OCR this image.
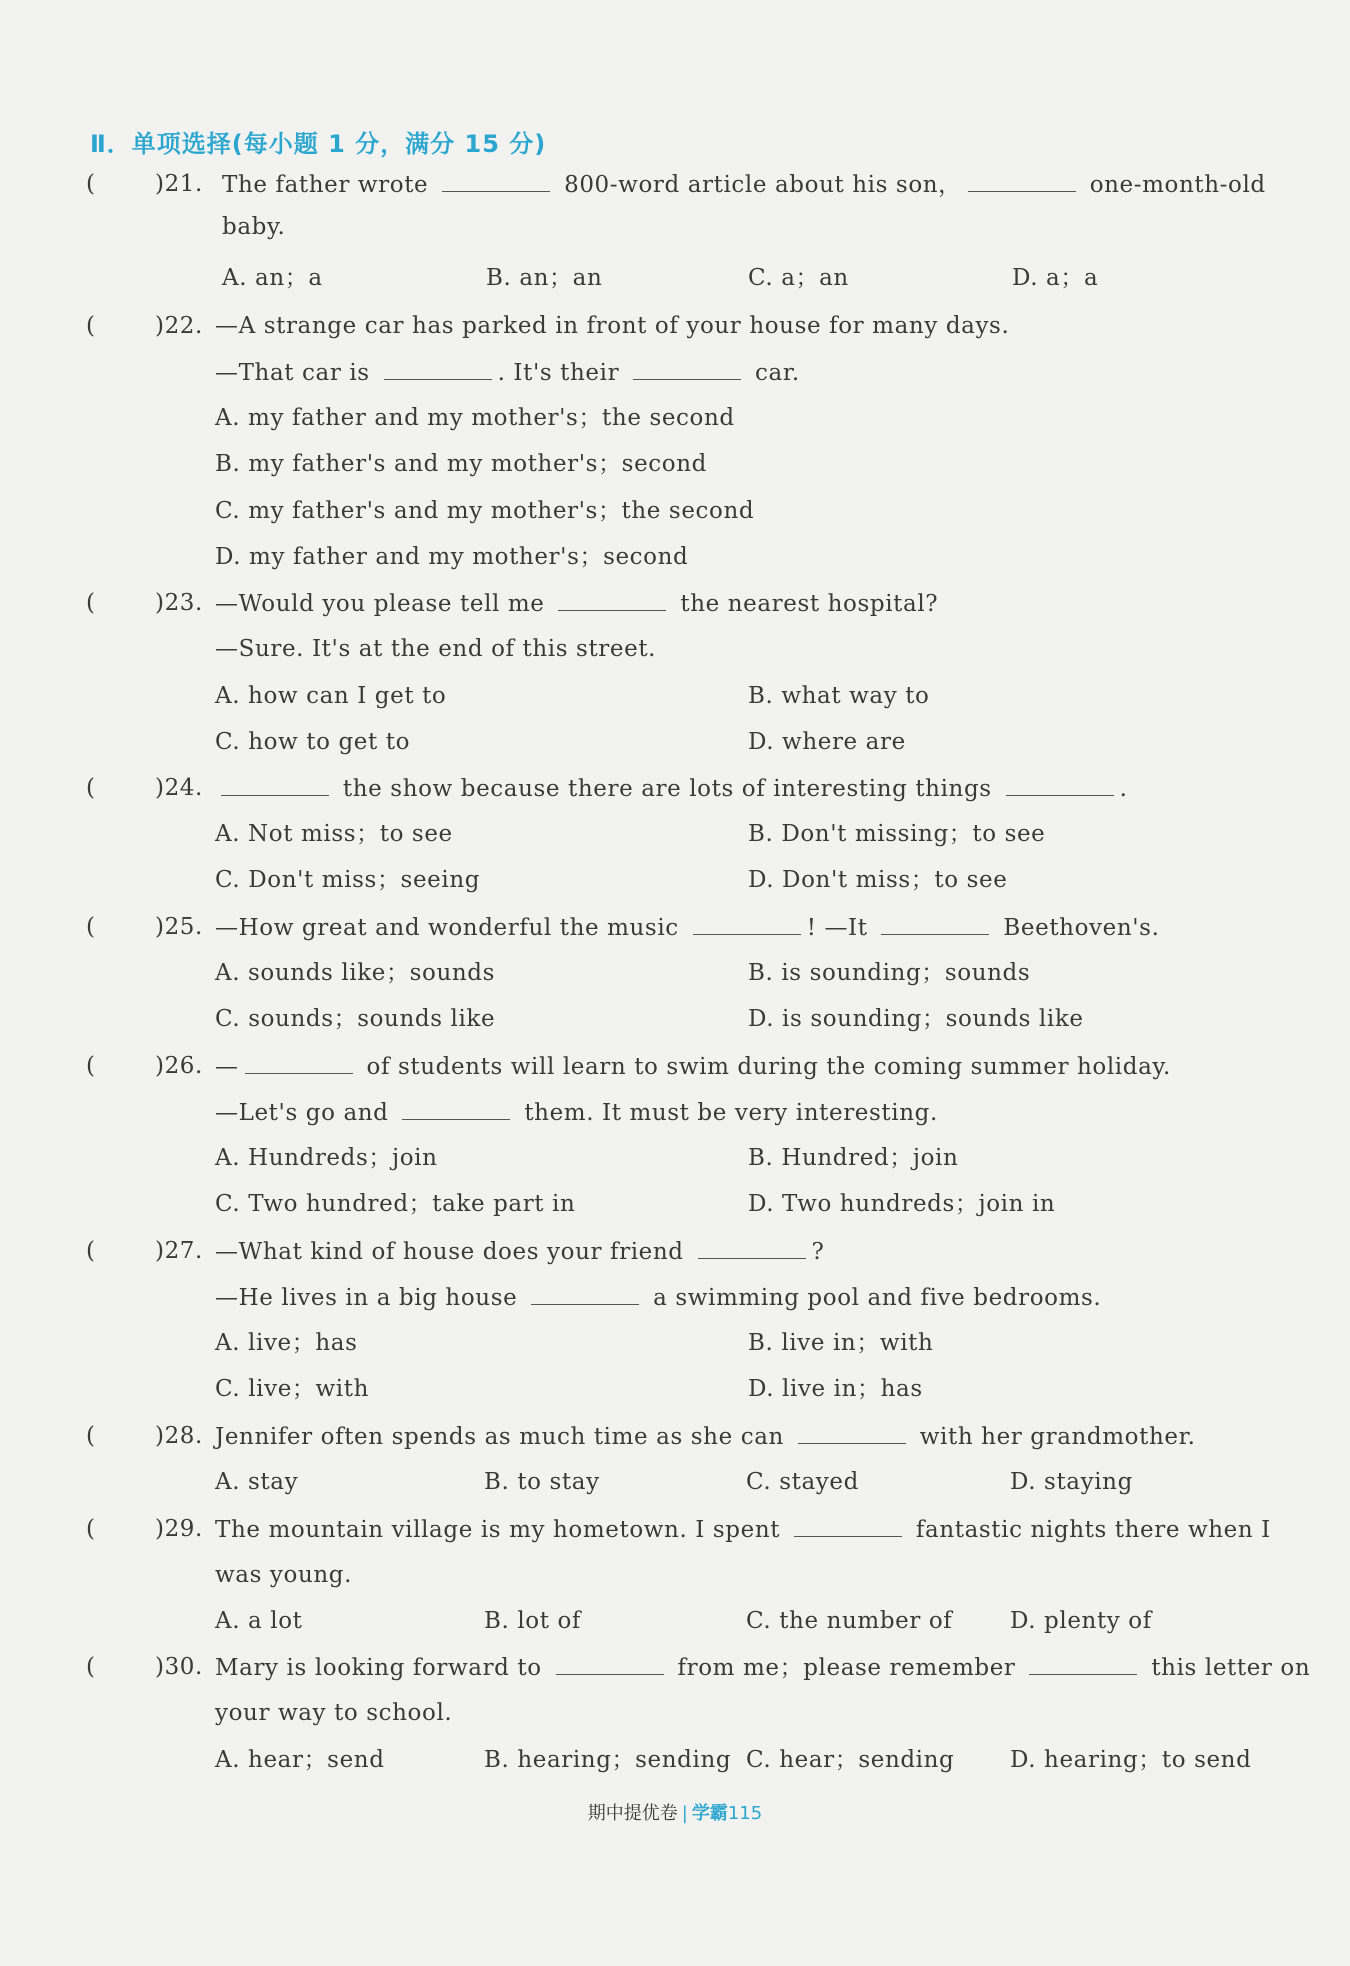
Ⅱ．单项选择(每小题 1 分，满分 15 分)
(	)21. The father wrote	800-word article about his son，	one-month-old
baby.
A. an；a	B. an；an	C. a；an	D. a；a
(	)22. —A strange car has parked in front of your house for many days.
—That car is	. It's their	car.
A. my father and my mother's；the second
B. my father's and my mother's；second
C. my father's and my mother's；the second
D. my father and my mother's；second
(	)23. —Would you please tell me	the nearest hospital?
—Sure. It's at the end of this street.
A. how can I get to	B. what way to
C. how to get to	D. where are
(	)24.	the show because there are lots of interesting things	.
A. Not miss；to see	B. Don't missing；to see
C. Don't miss；seeing	D. Don't miss；to see
(	)25. —How great and wonderful the music	! —It	Beethoven's.
A. sounds like；sounds	B. is sounding；sounds
C. sounds；sounds like	D. is sounding；sounds like
(	)26. —	of students will learn to swim during the coming summer holiday.
—Let's go and	them. It must be very interesting.
A. Hundreds；join	B. Hundred；join
C. Two hundred；take part in	D. Two hundreds；join in
(	)27. —What kind of house does your friend	?
—He lives in a big house	a swimming pool and five bedrooms.
A. live；has	B. live in；with
C. live；with	D. live in；has
(	)28. Jennifer often spends as much time as she can	with her grandmother.
A. stay	B. to stay	C. stayed	D. staying
(	)29. The mountain village is my hometown. I spent	fantastic nights there when I
was young.
A. a lot	B. lot of	C. the number of	D. plenty of
(	)30. Mary is looking forward to	from me；please remember	this letter on
your way to school.
A. hear；send	B. hearing；sending C. hear；sending D. hearing；to send
期中提优卷 | 学霸115
